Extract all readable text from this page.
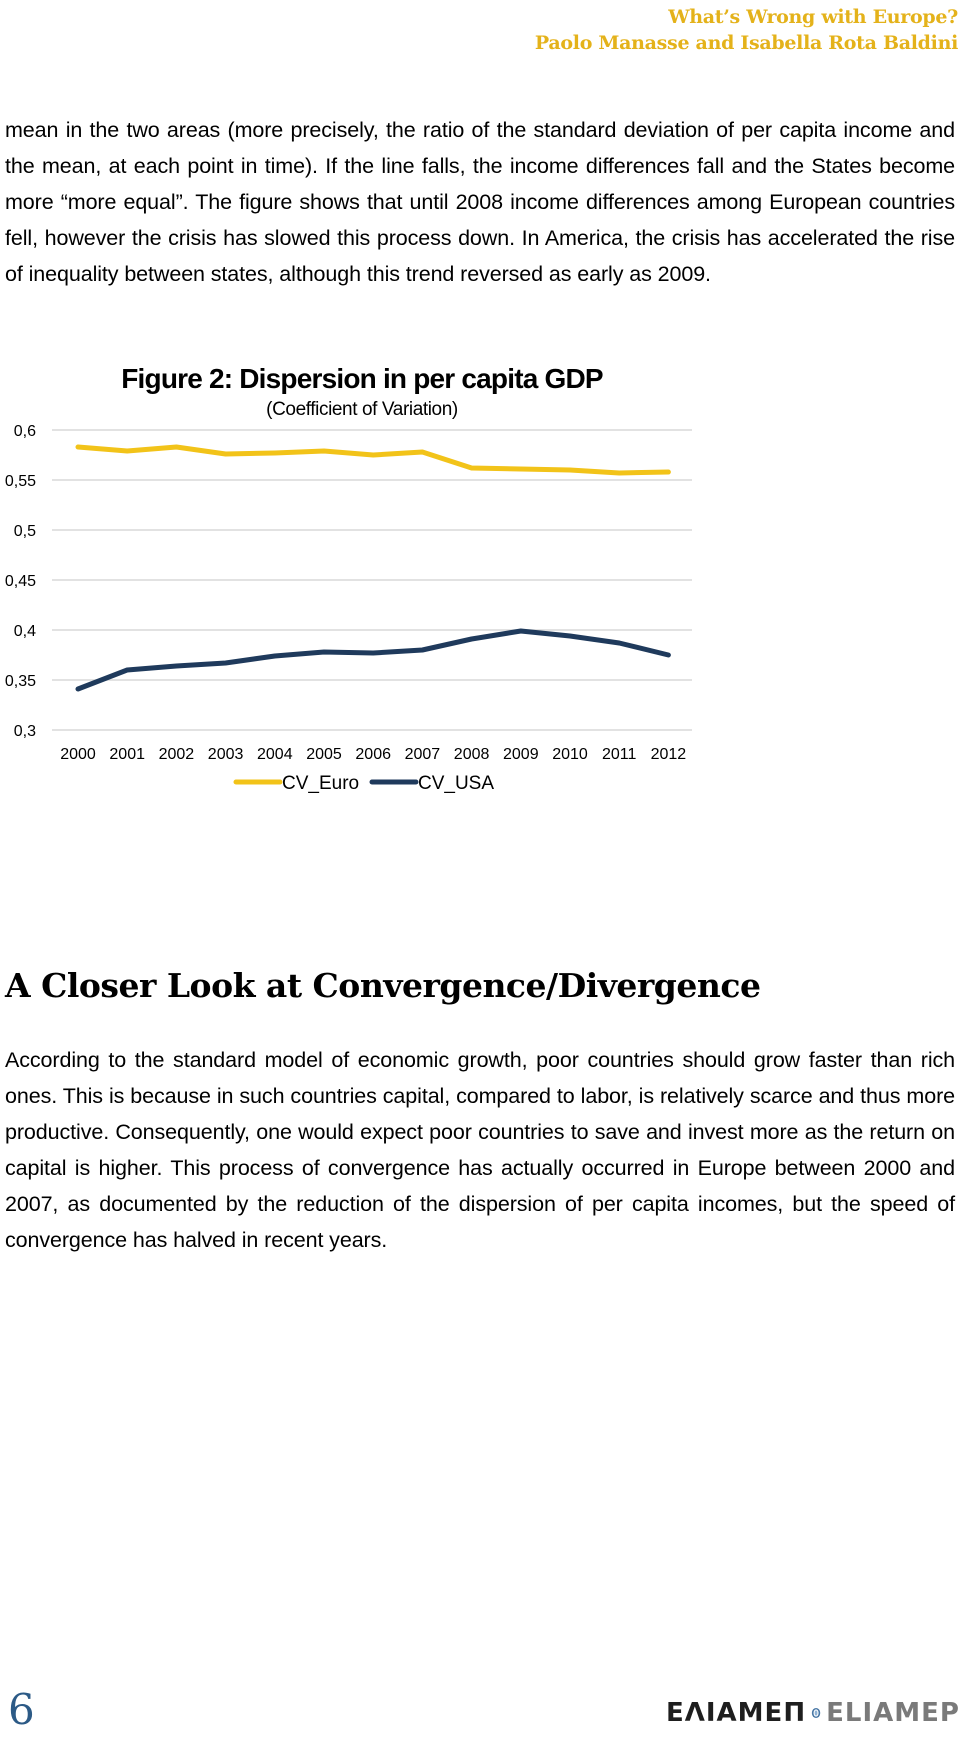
What’s Wrong with Europe?
Paolo Manasse and Isabella Rota Baldini
mean in the two areas (more precisely, the ratio of the standard deviation of per capita income and the mean, at each point in time). If the line falls, the income differences fall and the States become more “more equal”. The figure shows that until 2008 income differences among European countries fell, however the crisis has slowed this process down. In America, the crisis has accelerated the rise of inequality between states, although this trend reversed as early as 2009.
Figure 2: Dispersion in per capita GDP
(Coefficient of Variation)
0,3
0,35
0,4
0,45
0,5
0,55
0,6
2000 2001 2002 2003 2004 2005 2006 2007 2008 2009 2010 2011 2012
CV_Euro	CV_USA
A Closer Look at Convergence/Divergence
According to the standard model of economic growth, poor countries should grow faster than rich ones. This is because in such countries capital, compared to labor, is relatively scarce and thus more productive. Consequently, one would expect poor countries to save and invest more as the return on capital is higher. This process of convergence has actually occurred in Europe between 2000 and 2007, as documented by the reduction of the dispersion of per capita incomes, but the speed of convergence has halved in recent years.
6	ΕΛΙΑΜΕΠ ELIAMEP
